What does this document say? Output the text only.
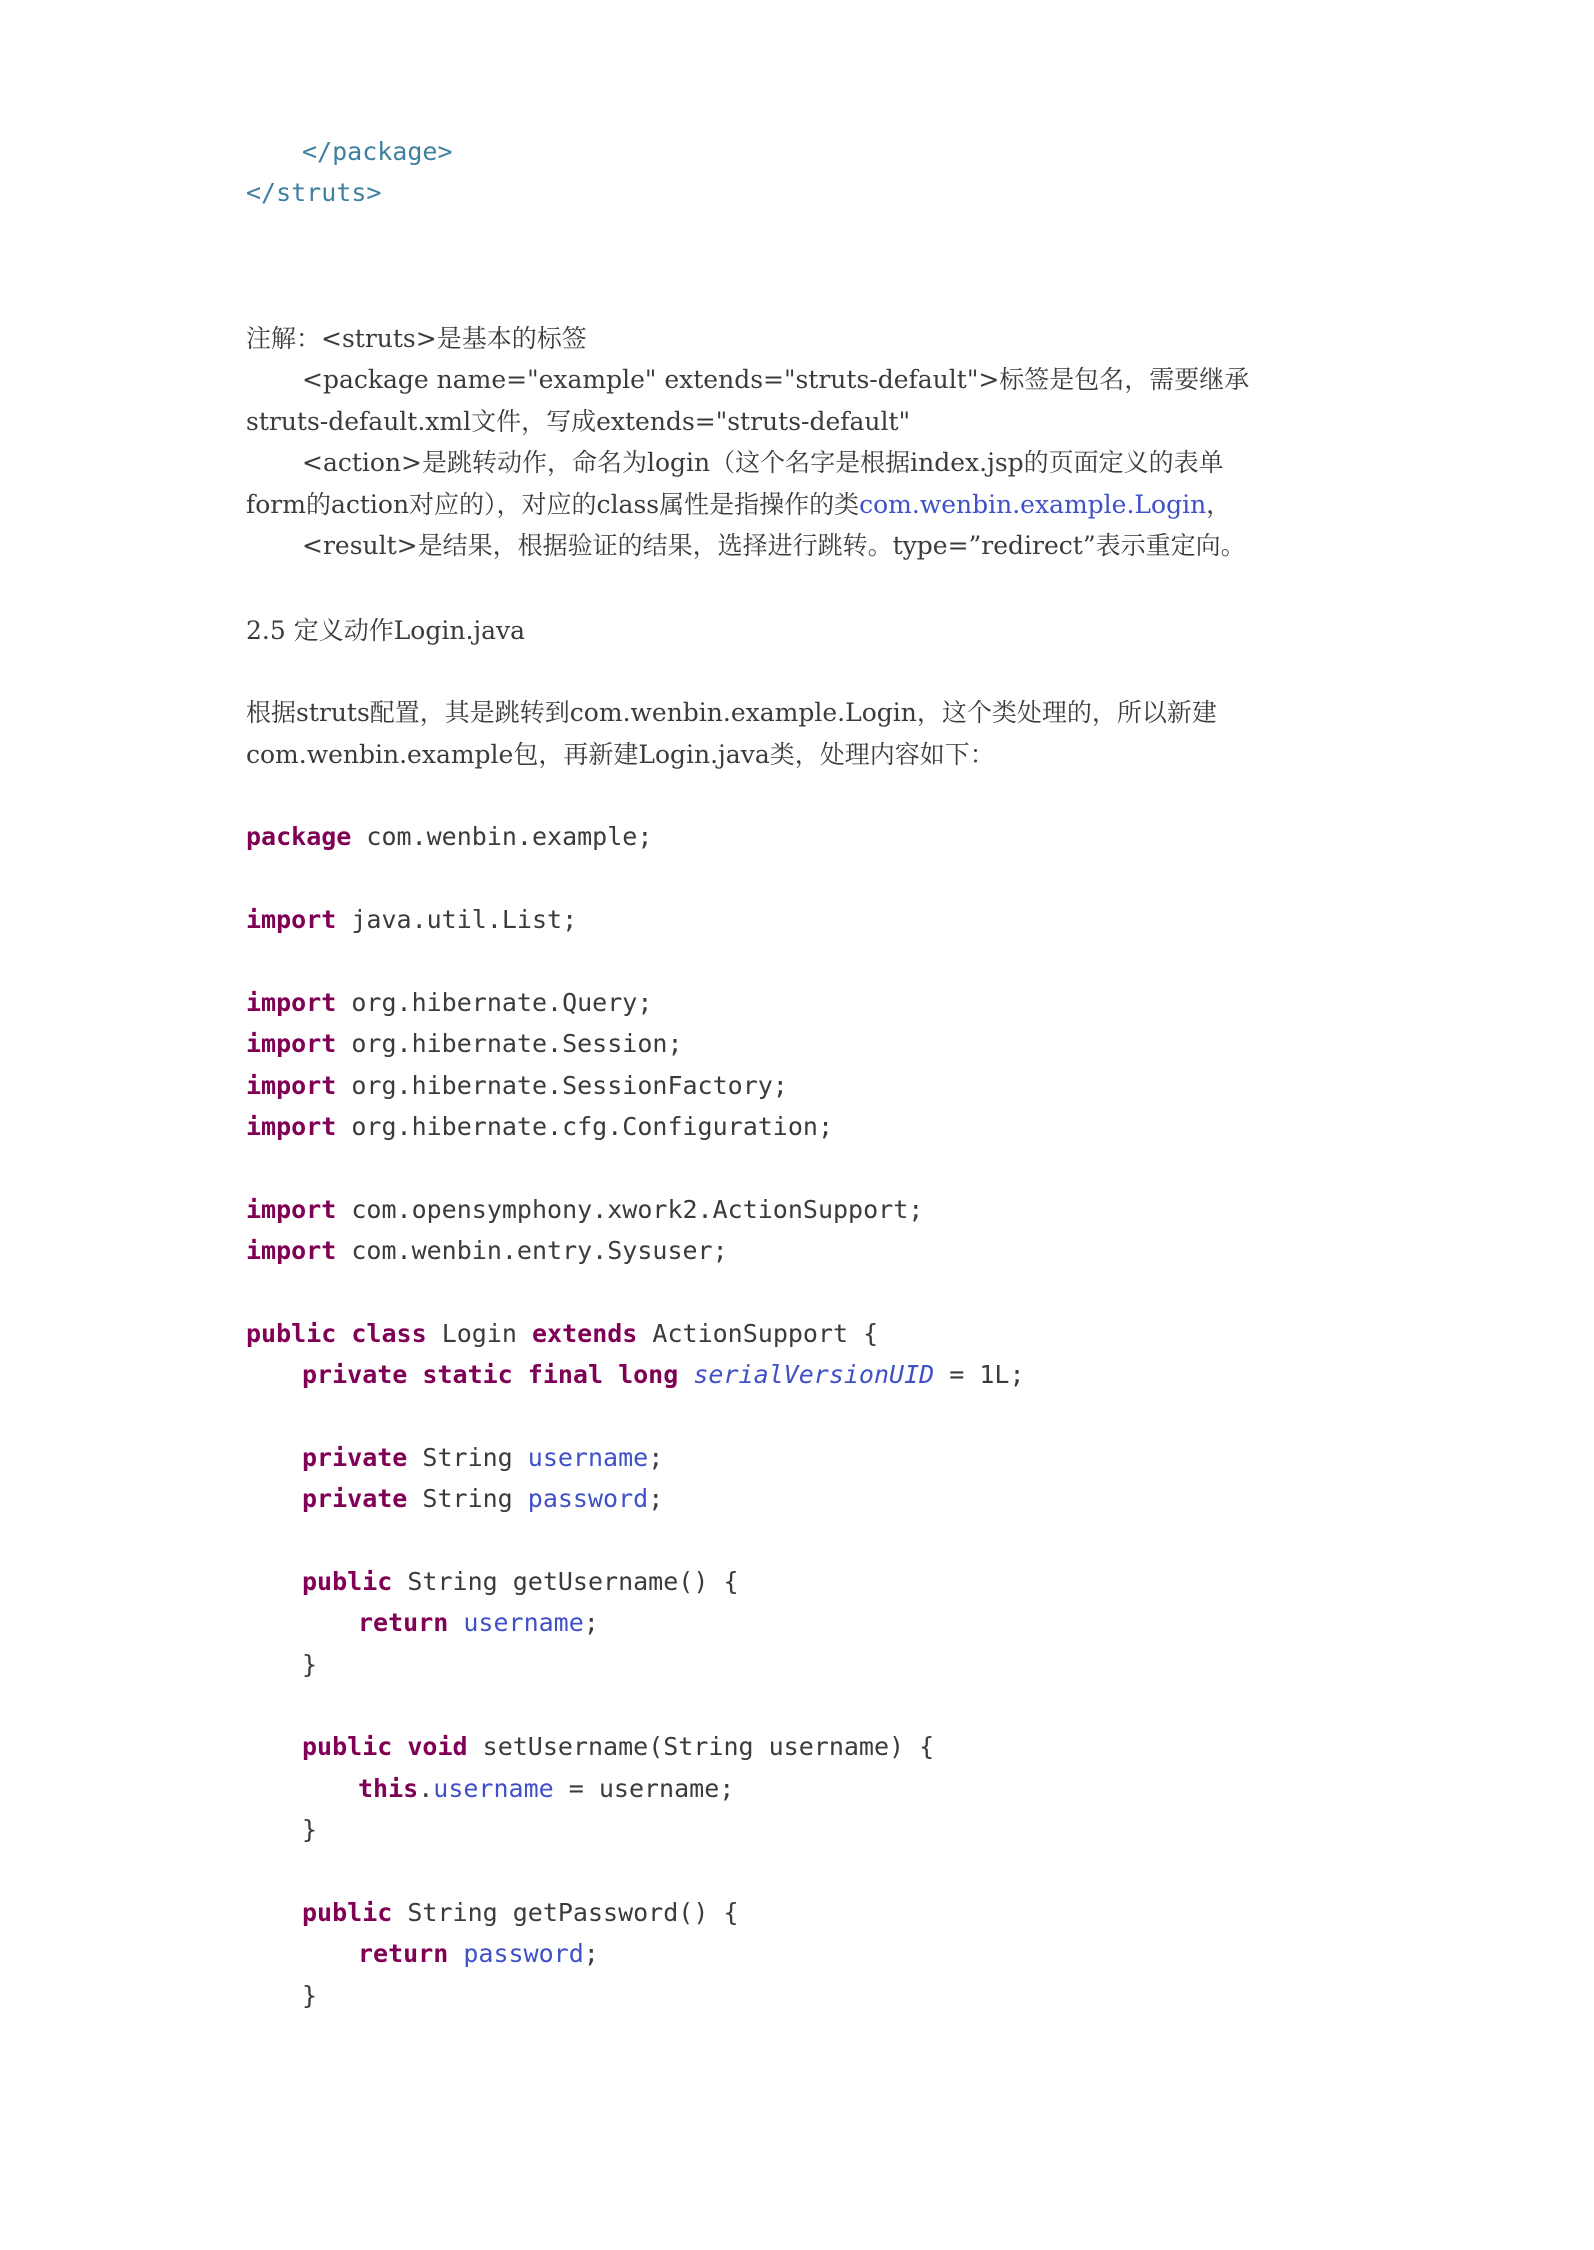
</package>
</struts>
注解：<struts>是基本的标签
<package name="example" extends="struts-default">标签是包名，需要继承
struts-default.xml文件，写成extends="struts-default"
<action>是跳转动作，命名为login（这个名字是根据index.jsp的页面定义的表单
form的action对应的），对应的class属性是指操作的类com.wenbin.example.Login，
<result>是结果，根据验证的结果，选择进行跳转。type=”redirect”表示重定向。
2.5 定义动作Login.java
根据struts配置，其是跳转到com.wenbin.example.Login，这个类处理的，所以新建
com.wenbin.example包，再新建Login.java类，处理内容如下：
package com.wenbin.example;
import java.util.List;
import org.hibernate.Query;
import org.hibernate.Session;
import org.hibernate.SessionFactory;
import org.hibernate.cfg.Configuration;
import com.opensymphony.xwork2.ActionSupport;
import com.wenbin.entry.Sysuser;
public class Login extends ActionSupport {
private static final long serialVersionUID = 1L;
private String username;
private String password;
public String getUsername() {
return username;
}
public void setUsername(String username) {
this.username = username;
}
public String getPassword() {
return password;
}
